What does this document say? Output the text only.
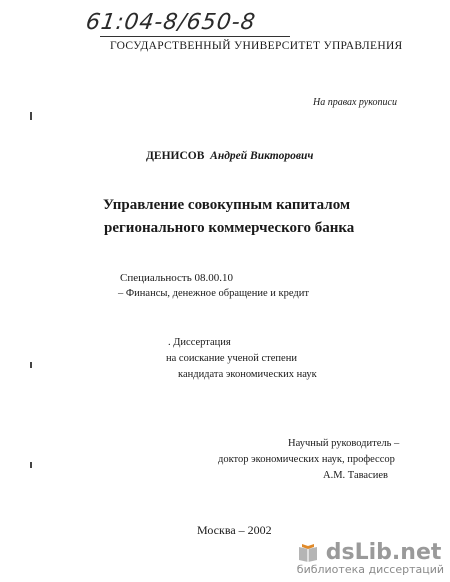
61:04-8/650-8
ГОСУДАРСТВЕННЫЙ УНИВЕРСИТЕТ УПРАВЛЕНИЯ
На правах рукописи
ДЕНИСОВ Андрей Викторович
Управление совокупным капиталом
регионального коммерческого банка
Специальность 08.00.10
– Финансы, денежное обращение и кредит
. Диссертация
на соискание ученой степени
кандидата экономических наук
Научный руководитель –
доктор экономических наук, профессор
А.М. Тавасиев
Москва – 2002
dsLib.net
библиотека диссертаций
